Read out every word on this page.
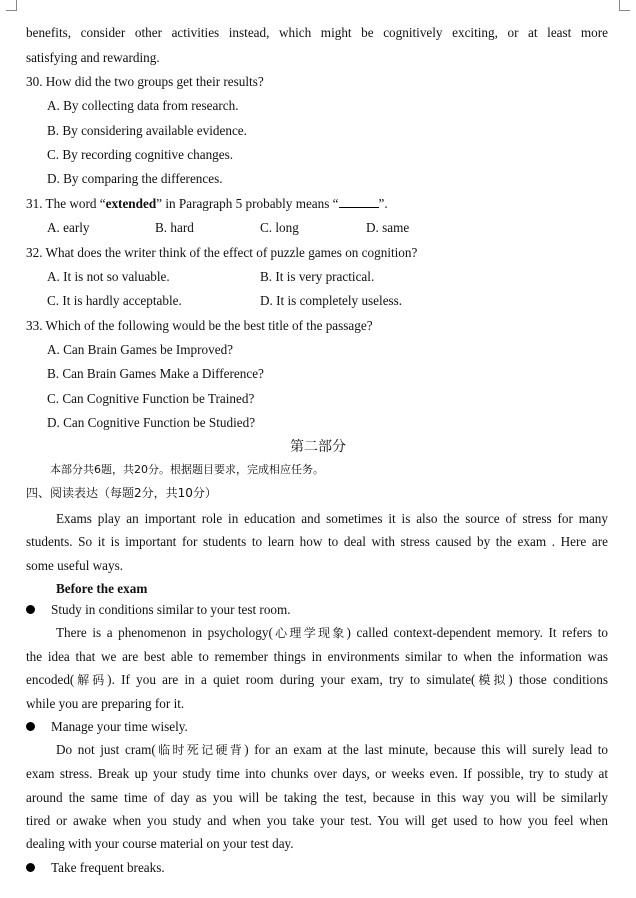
benefits, consider other activities instead, which might be cognitively exciting, or at least more
satisfying and rewarding.
30. How did the two groups get their results?
A. By collecting data from research.
B. By considering available evidence.
C. By recording cognitive changes.
D. By comparing the differences.
31. The word “extended” in Paragraph 5 probably means “	”.
A. early	B. hard	C. long	D. same
32. What does the writer think of the effect of puzzle games on cognition?
A. It is not so valuable.	B. It is very practical.
C. It is hardly acceptable.	D. It is completely useless.
33. Which of the following would be the best title of the passage?
A. Can Brain Games be Improved?
B. Can Brain Games Make a Difference?
C. Can Cognitive Function be Trained?
D. Can Cognitive Function be Studied?
第二部分
本部分共6题，共20分。根据题目要求，完成相应任务。
四、阅读表达（每题2分，共10分）
Exams play an important role in education and sometimes it is also the source of stress for many
students. So it is important for students to learn how to deal with stress caused by the exam . Here are
some useful ways.
Before the exam
Study in conditions similar to your test room.
There is a phenomenon in psychology(心理学现象) called context-dependent memory. It refers to
the idea that we are best able to remember things in environments similar to when the information was
encoded(解码). If you are in a quiet room during your exam, try to simulate(模拟) those conditions
while you are preparing for it.
Manage your time wisely.
Do not just cram(临时死记硬背) for an exam at the last minute, because this will surely lead to
exam stress. Break up your study time into chunks over days, or weeks even. If possible, try to study at
around the same time of day as you will be taking the test, because in this way you will be similarly
tired or awake when you study and when you take your test. You will get used to how you feel when
dealing with your course material on your test day.
Take frequent breaks.
